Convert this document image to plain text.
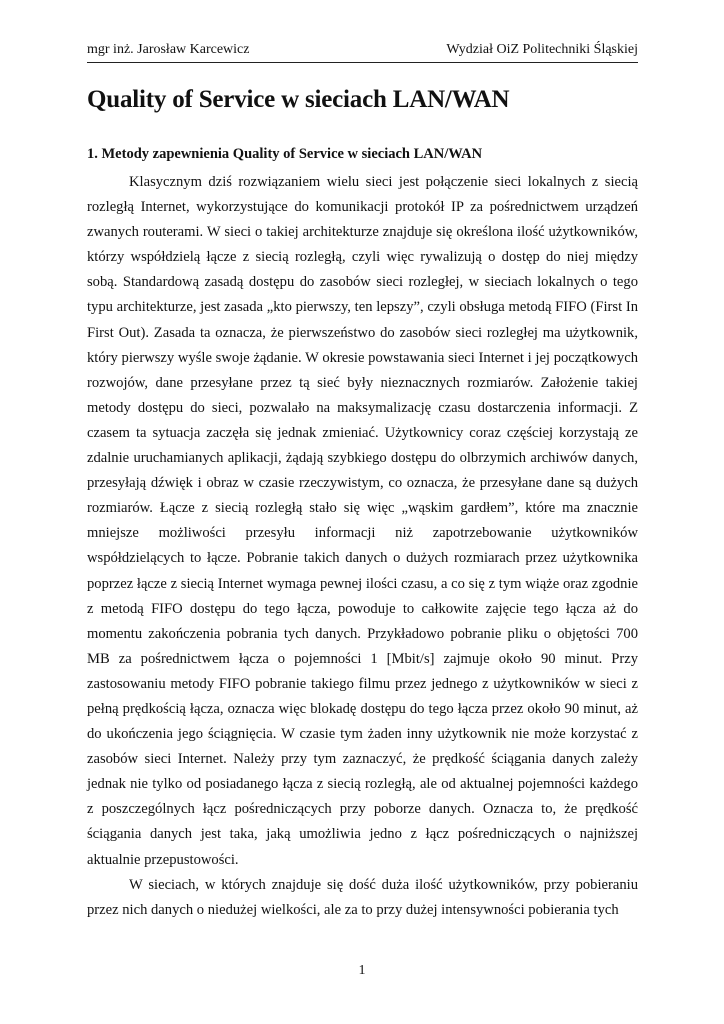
mgr inż. Jarosław Karcewicz	Wydział OiZ Politechniki Śląskiej
Quality of Service w sieciach LAN/WAN
1. Metody zapewnienia Quality of Service w sieciach LAN/WAN

Klasycznym dziś rozwiązaniem wielu sieci jest połączenie sieci lokalnych z siecią rozległą Internet, wykorzystujące do komunikacji protokół IP za pośrednictwem urządzeń zwanych routerami. W sieci o takiej architekturze znajduje się określona ilość użytkowników, którzy współdzielą łącze z siecią rozległą, czyli więc rywalizują o dostęp do niej między sobą. Standardową zasadą dostępu do zasobów sieci rozległej, w sieciach lokalnych o tego typu architekturze, jest zasada „kto pierwszy, ten lepszy”, czyli obsługa metodą FIFO (First In First Out). Zasada ta oznacza, że pierwszeństwo do zasobów sieci rozległej ma użytkownik, który pierwszy wyśle swoje żądanie. W okresie powstawania sieci Internet i jej początkowych rozwojów, dane przesyłane przez tą sieć były nieznacznych rozmiarów. Założenie takiej metody dostępu do sieci, pozwalało na maksymalizację czasu dostarczenia informacji. Z czasem ta sytuacja zaczęła się jednak zmieniać. Użytkownicy coraz częściej korzystają ze zdalnie uruchamianych aplikacji, żądają szybkiego dostępu do olbrzymich archiwów danych, przesyłają dźwięk i obraz w czasie rzeczywistym, co oznacza, że przesyłane dane są dużych rozmiarów. Łącze z siecią rozległą stało się więc „wąskim gardłem”, które ma znacznie mniejsze możliwości przesyłu informacji niż zapotrzebowanie użytkowników współdzielących to łącze. Pobranie takich danych o dużych rozmiarach przez użytkownika poprzez łącze z siecią Internet wymaga pewnej ilości czasu, a co się z tym wiąże oraz zgodnie z metodą FIFO dostępu do tego łącza, powoduje to całkowite zajęcie tego łącza aż do momentu zakończenia pobrania tych danych. Przykładowo pobranie pliku o objętości 700 MB za pośrednictwem łącza o pojemności 1 [Mbit/s] zajmuje około 90 minut. Przy zastosowaniu metody FIFO pobranie takiego filmu przez jednego z użytkowników w sieci z pełną prędkością łącza, oznacza więc blokadę dostępu do tego łącza przez około 90 minut, aż do ukończenia jego ściągnięcia. W czasie tym żaden inny użytkownik nie może korzystać z zasobów sieci Internet. Należy przy tym zaznaczyć, że prędkość ściągania danych zależy jednak nie tylko od posiadanego łącza z siecią rozległą, ale od aktualnej pojemności każdego z poszczególnych łącz pośredniczących przy poborze danych. Oznacza to, że prędkość ściągania danych jest taka, jaką umożliwia jedno z łącz pośredniczących o najniższej aktualnie przepustowości.

W sieciach, w których znajduje się dość duża ilość użytkowników, przy pobieraniu przez nich danych o niedużej wielkości, ale za to przy dużej intensywności pobierania tych

1
